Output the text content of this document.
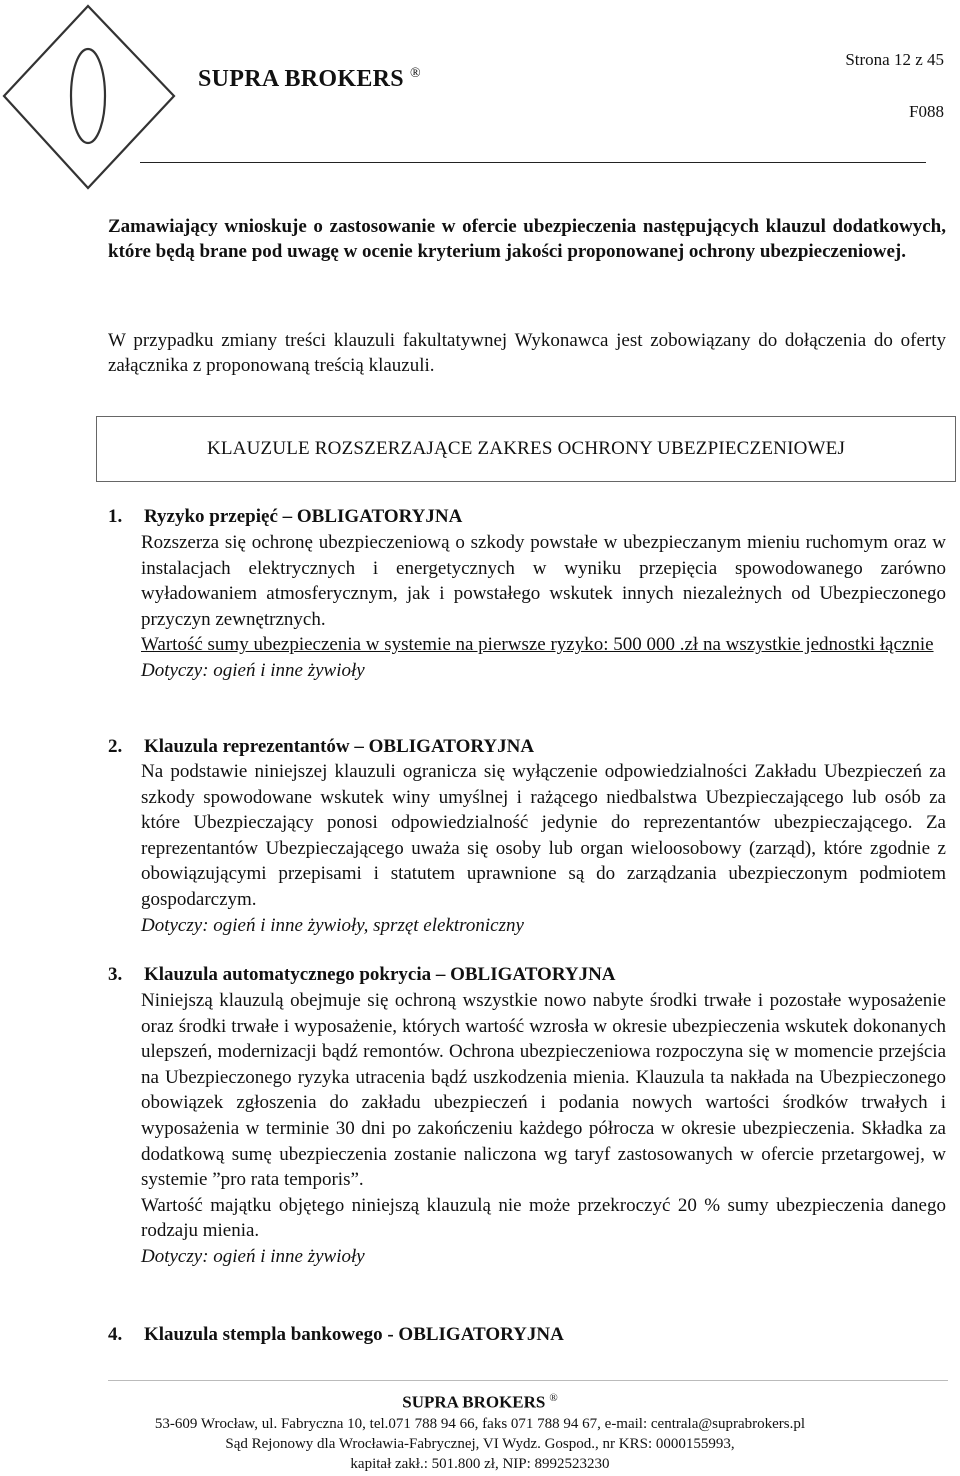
SUPRA BROKERS ®
Strona 12 z 45
F088
Zamawiający wnioskuje o zastosowanie w ofercie ubezpieczenia następujących klauzul dodatkowych, które będą brane pod uwagę w ocenie kryterium jakości proponowanej ochrony ubezpieczeniowej.
W przypadku zmiany treści klauzuli fakultatywnej Wykonawca jest zobowiązany do dołączenia do oferty załącznika z proponowaną treścią klauzuli.
KLAUZULE ROZSZERZAJĄCE ZAKRES OCHRONY UBEZPIECZENIOWEJ
1. Ryzyko przepięć – OBLIGATORYJNA

Rozszerza się ochronę ubezpieczeniową o szkody powstałe w ubezpieczanym mieniu ruchomym oraz w instalacjach elektrycznych i energetycznych w wyniku przepięcia spowodowanego zarówno wyładowaniem atmosferycznym, jak i powstałego wskutek innych niezależnych od Ubezpieczonego przyczyn zewnętrznych.

Wartość sumy ubezpieczenia w systemie na pierwsze ryzyko: 500 000 .zł na wszystkie jednostki łącznie

Dotyczy: ogień i inne żywioły

2. Klauzula reprezentantów – OBLIGATORYJNA

Na podstawie niniejszej klauzuli ogranicza się wyłączenie odpowiedzialności Zakładu Ubezpieczeń za szkody spowodowane wskutek winy umyślnej i rażącego niedbalstwa Ubezpieczającego lub osób za które Ubezpieczający ponosi odpowiedzialność jedynie do reprezentantów ubezpieczającego. Za reprezentantów Ubezpieczającego uważa się osoby lub organ wieloosobowy (zarząd), które zgodnie z obowiązującymi przepisami i statutem uprawnione są do zarządzania ubezpieczonym podmiotem gospodarczym.

Dotyczy: ogień i inne żywioły, sprzęt elektroniczny

3. Klauzula automatycznego pokrycia – OBLIGATORYJNA

Niniejszą klauzulą obejmuje się ochroną wszystkie nowo nabyte środki trwałe i pozostałe wyposażenie oraz środki trwałe i wyposażenie, których wartość wzrosła w okresie ubezpieczenia wskutek dokonanych ulepszeń, modernizacji bądź remontów. Ochrona ubezpieczeniowa rozpoczyna się w momencie przejścia na Ubezpieczonego ryzyka utracenia bądź uszkodzenia mienia. Klauzula ta nakłada na Ubezpieczonego obowiązek zgłoszenia do zakładu ubezpieczeń i podania nowych wartości środków trwałych i wyposażenia w terminie 30 dni po zakończeniu każdego półrocza w okresie ubezpieczenia. Składka za dodatkową sumę ubezpieczenia zostanie naliczona wg taryf zastosowanych w ofercie przetargowej, w systemie ”pro rata temporis”.

Wartość majątku objętego niniejszą klauzulą nie może przekroczyć 20 % sumy ubezpieczenia danego rodzaju mienia.

Dotyczy: ogień i inne żywioły

4. Klauzula stempla bankowego - OBLIGATORYJNA
SUPRA BROKERS ®
53-609 Wrocław, ul. Fabryczna 10, tel.071 788 94 66, faks 071 788 94 67, e-mail: centrala@suprabrokers.pl
Sąd Rejonowy dla Wrocławia-Fabrycznej, VI Wydz. Gospod., nr KRS: 0000155993,
kapitał zakł.: 501.800 zł, NIP: 8992523230
